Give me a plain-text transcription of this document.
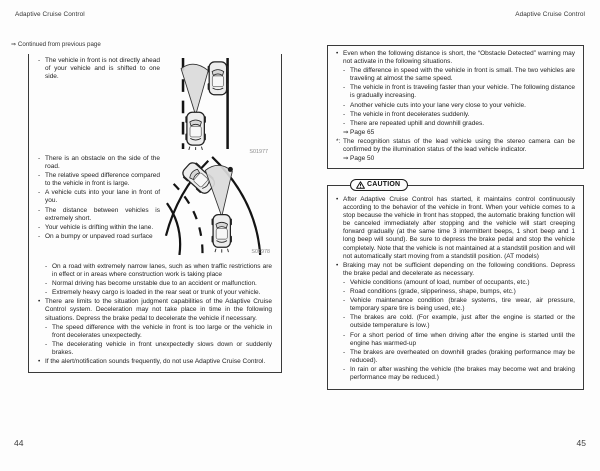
Adaptive Cruise Control	Adaptive Cruise Control
⇒ Continued from previous page
- The vehicle in front is not directly ahead of your vehicle and is shifted to one side.
S01977
- There is an obstacle on the side of the road.
- The relative speed difference compared to the vehicle in front is large.
- A vehicle cuts into your lane in front of you.
- The distance between vehicles is extremely short.
- Your vehicle is drifting within the lane.
- On a bumpy or unpaved road surface
S01978
- On a road with extremely narrow lanes, such as when traffic restrictions are in effect or in areas where construction work is taking place
- Normal driving has become unstable due to an accident or malfunction.
- Extremely heavy cargo is loaded in the rear seat or trunk of your vehicle.
• There are limits to the situation judgment capabilities of the Adaptive Cruise Control system. Deceleration may not take place in time in the following situations. Depress the brake pedal to decelerate the vehicle if necessary.
- The speed difference with the vehicle in front is too large or the vehicle in front decelerates unexpectedly.
- The decelerating vehicle in front unexpectedly slows down or suddenly brakes.
• If the alert/notification sounds frequently, do not use Adaptive Cruise Control.
44
• Even when the following distance is short, the “Obstacle Detected” warning may not activate in the following situations.
- The difference in speed with the vehicle in front is small. The two vehicles are traveling at almost the same speed.
- The vehicle in front is traveling faster than your vehicle. The following distance is gradually increasing.
- Another vehicle cuts into your lane very close to your vehicle.
- The vehicle in front decelerates suddenly.
- There are repeated uphill and downhill grades.
⇒ Page 65
*: The recognition status of the lead vehicle using the stereo camera can be confirmed by the illumination status of the lead vehicle indicator.
⇒ Page 50
CAUTION
• After Adaptive Cruise Control has started, it maintains control continuously according to the behavior of the vehicle in front. When your vehicle comes to a stop because the vehicle in front has stopped, the automatic braking function will be canceled immediately after stopping and the vehicle will start creeping forward gradually (at the same time 3 intermittent beeps, 1 short beep and 1 long beep will sound). Be sure to depress the brake pedal and stop the vehicle completely. Note that the vehicle is not maintained at a standstill position and will not automatically start moving from a standstill position. (AT models)
• Braking may not be sufficient depending on the following conditions. Depress the brake pedal and decelerate as necessary.
- Vehicle conditions (amount of load, number of occupants, etc.)
- Road conditions (grade, slipperiness, shape, bumps, etc.)
- Vehicle maintenance condition (brake systems, tire wear, air pressure, temporary spare tire is being used, etc.)
- The brakes are cold. (For example, just after the engine is started or the outside temperature is low.)
- For a short period of time when driving after the engine is started until the engine has warmed-up
- The brakes are overheated on downhill grades (braking performance may be reduced).
- In rain or after washing the vehicle (the brakes may become wet and braking performance may be reduced.)
45
